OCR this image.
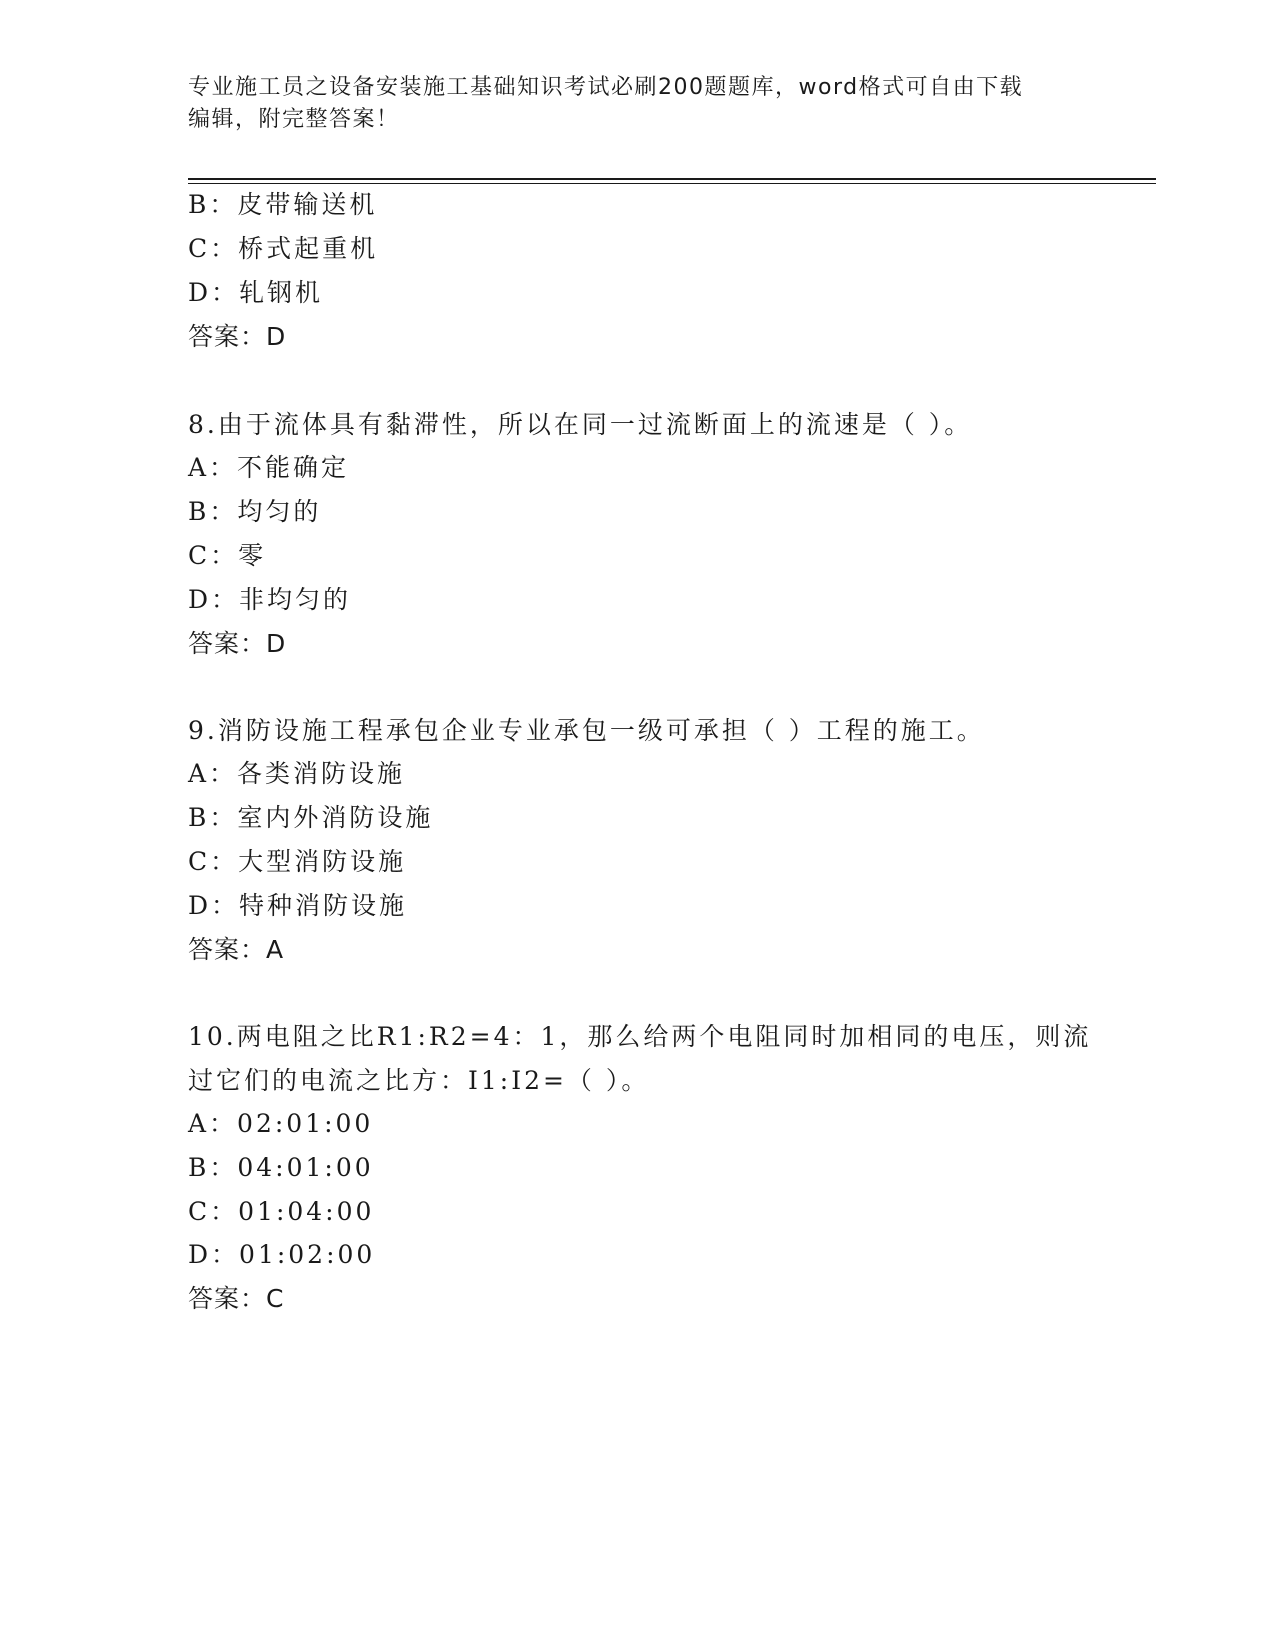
专业施工员之设备安装施工基础知识考试必刷200题题库，word格式可自由下载
编辑，附完整答案！
B：皮带输送机
C：桥式起重机
D：轧钢机
答案：D
8.由于流体具有黏滞性，所以在同一过流断面上的流速是（ ）。
A：不能确定
B：均匀的
C：零
D：非均匀的
答案：D
9.消防设施工程承包企业专业承包一级可承担（ ）工程的施工。
A：各类消防设施
B：室内外消防设施
C：大型消防设施
D：特种消防设施
答案：A
10.两电阻之比R1:R2=4：1，那么给两个电阻同时加相同的电压，则流
过它们的电流之比方：I1:I2=（ ）。
A：02:01:00
B：04:01:00
C：01:04:00
D：01:02:00
答案：C
